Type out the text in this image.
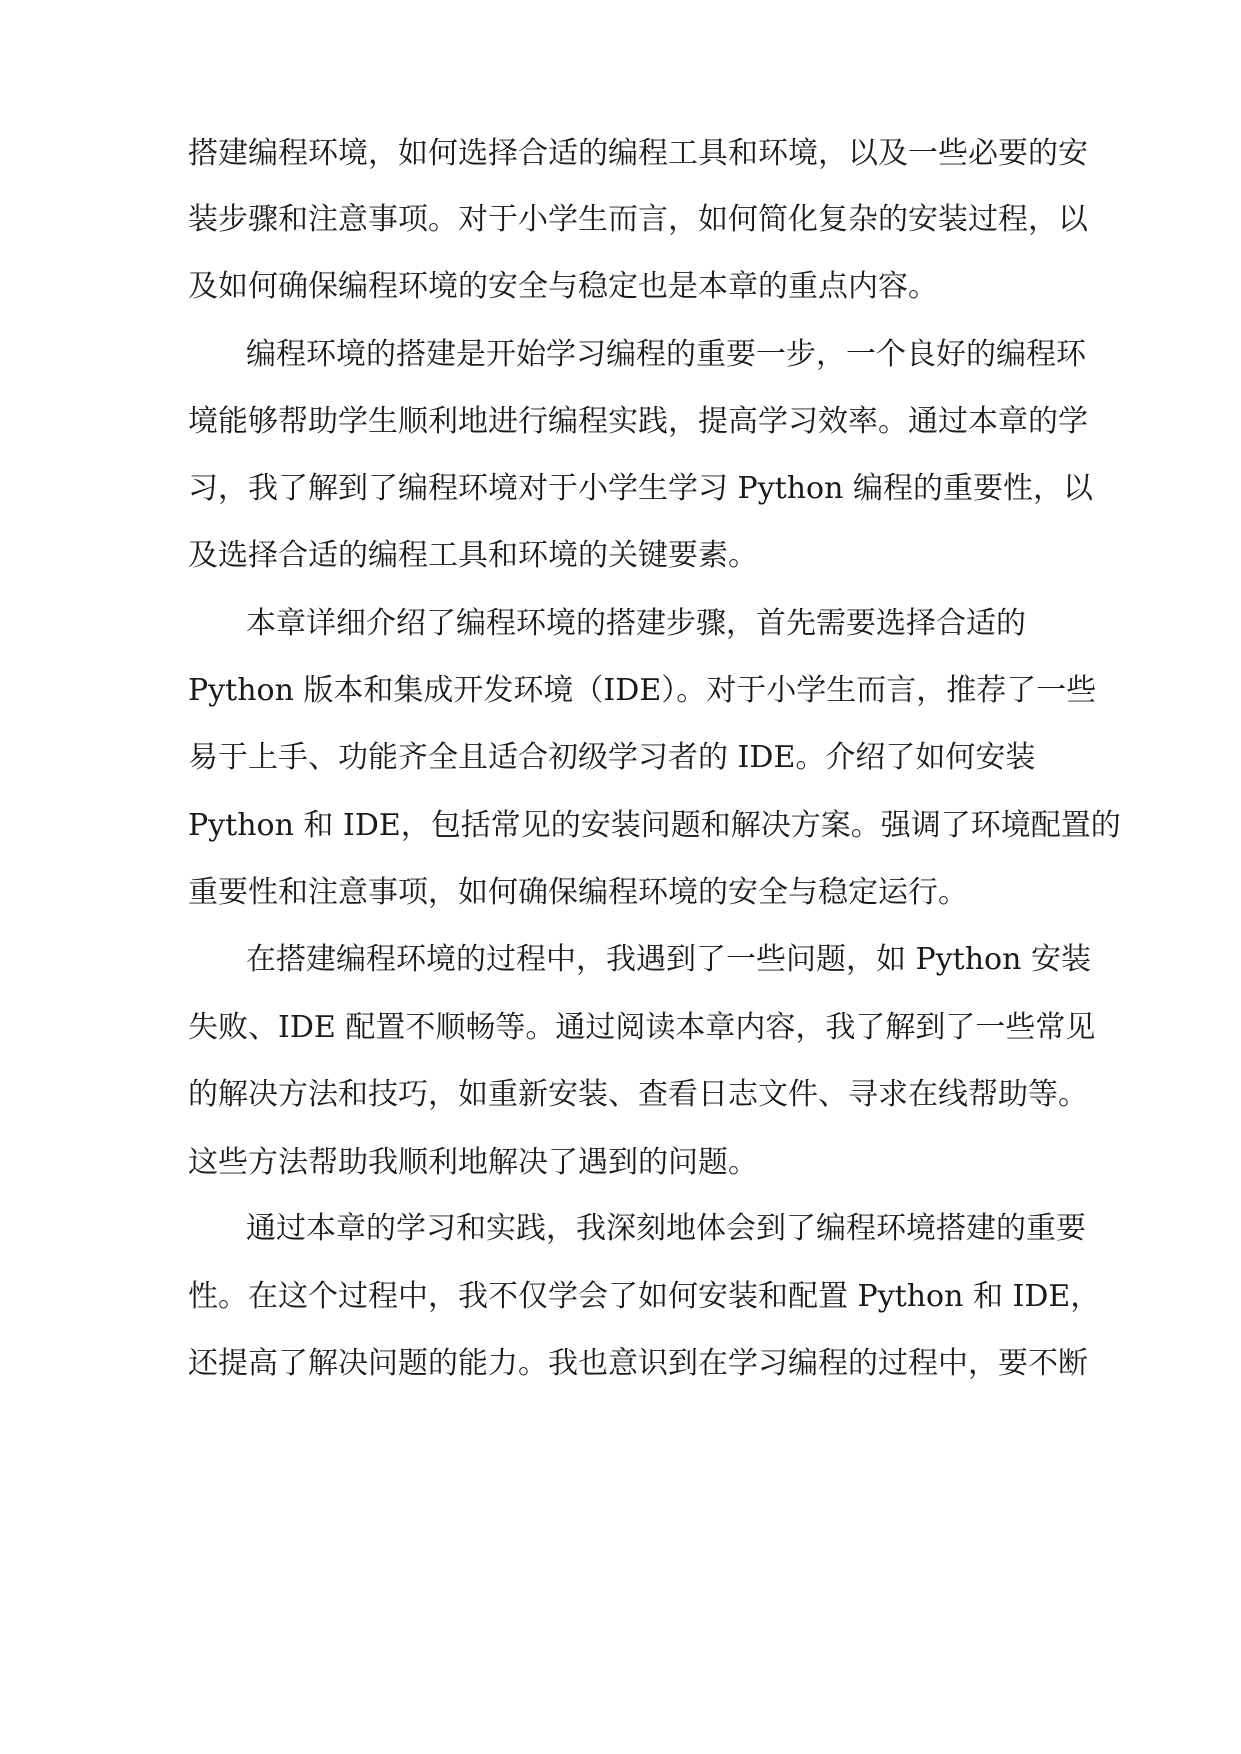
搭建编程环境，如何选择合适的编程工具和环境，以及一些必要的安
装步骤和注意事项。对于小学生而言，如何简化复杂的安装过程，以
及如何确保编程环境的安全与稳定也是本章的重点内容。
编程环境的搭建是开始学习编程的重要一步，一个良好的编程环
境能够帮助学生顺利地进行编程实践，提高学习效率。通过本章的学
习，我了解到了编程环境对于小学生学习 Python 编程的重要性，以
及选择合适的编程工具和环境的关键要素。
本章详细介绍了编程环境的搭建步骤，首先需要选择合适的
Python 版本和集成开发环境（IDE）。对于小学生而言，推荐了一些
易于上手、功能齐全且适合初级学习者的 IDE。介绍了如何安装
Python 和 IDE，包括常见的安装问题和解决方案。强调了环境配置的
重要性和注意事项，如何确保编程环境的安全与稳定运行。
在搭建编程环境的过程中，我遇到了一些问题，如 Python 安装
失败、IDE 配置不顺畅等。通过阅读本章内容，我了解到了一些常见
的解决方法和技巧，如重新安装、查看日志文件、寻求在线帮助等。
这些方法帮助我顺利地解决了遇到的问题。
通过本章的学习和实践，我深刻地体会到了编程环境搭建的重要
性。在这个过程中，我不仅学会了如何安装和配置 Python 和 IDE，
还提高了解决问题的能力。我也意识到在学习编程的过程中，要不断
